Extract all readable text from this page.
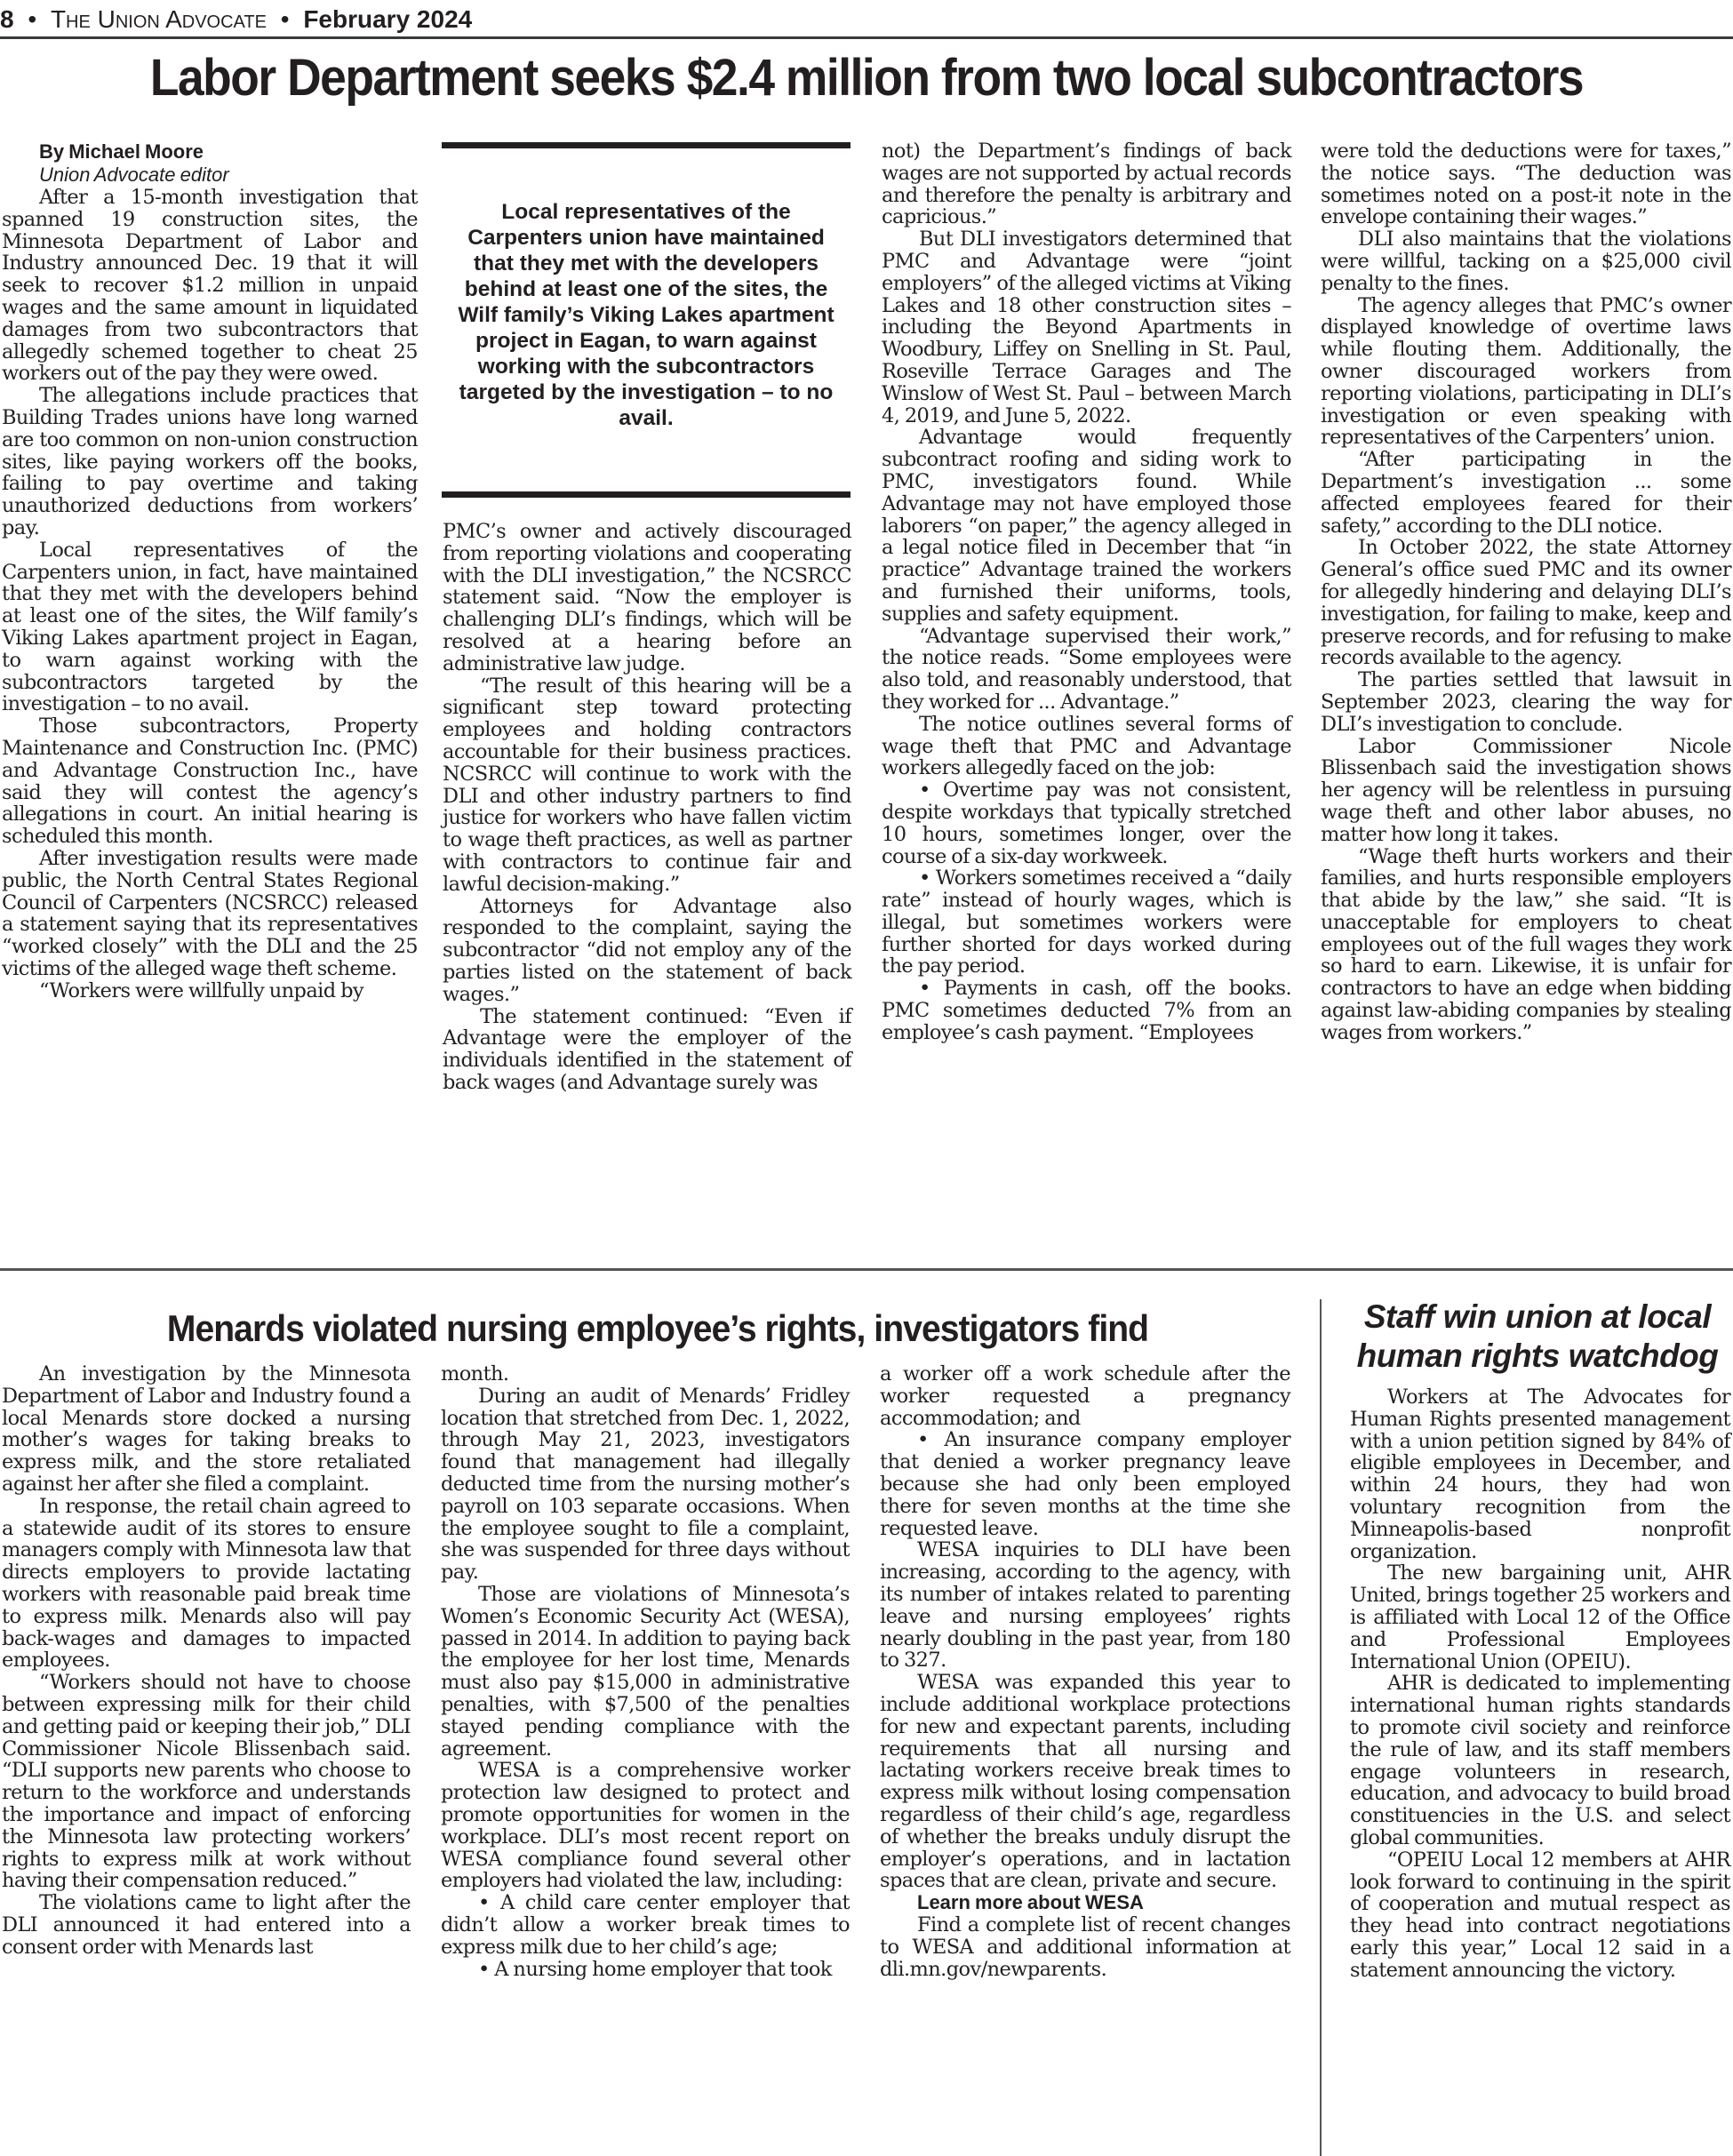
8 • The Union Advocate • February 2024
Labor Department seeks $2.4 million from two local subcontractors

By Michael Moore

Union Advocate editor

After a 15-month investigation that spanned 19 construction sites, the Minnesota Department of Labor and Industry announced Dec. 19 that it will seek to recover $1.2 million in unpaid wages and the same amount in liquidated damages from two subcontractors that allegedly schemed together to cheat 25 workers out of the pay they were owed.

The allegations include practices that Building Trades unions have long warned are too common on non-union construction sites, like paying workers off the books, failing to pay overtime and taking unauthorized deductions from workers’ pay.

Local representatives of the Carpenters union, in fact, have maintained that they met with the developers behind at least one of the sites, the Wilf family’s Viking Lakes apartment project in Eagan, to warn against working with the subcontractors targeted by the investigation – to no avail.

Those subcontractors, Property Maintenance and Construction Inc. (PMC) and Advantage Construction Inc., have said they will contest the agency’s allegations in court. An initial hearing is scheduled this month.

After investigation results were made public, the North Central States Regional Council of Carpenters (NCSRCC) released a statement saying that its representatives “worked closely” with the DLI and the 25 victims of the alleged wage theft scheme.

“Workers were willfully unpaid by

Local representatives of the Carpenters union have maintained that they met with the developers behind at least one of the sites, the Wilf family’s Viking Lakes apartment project in Eagan, to warn against working with the subcontractors targeted by the investigation – to no avail.

PMC’s owner and actively discouraged from reporting violations and cooperating with the DLI investigation,” the NCSRCC statement said. “Now the employer is challenging DLI’s findings, which will be resolved at a hearing before an administrative law judge.

“The result of this hearing will be a significant step toward protecting employees and holding contractors accountable for their business practices. NCSRCC will continue to work with the DLI and other industry partners to find justice for workers who have fallen victim to wage theft practices, as well as partner with contractors to continue fair and lawful decision-making.”

Attorneys for Advantage also responded to the complaint, saying the subcontractor “did not employ any of the parties listed on the statement of back wages.”

The statement continued: “Even if Advantage were the employer of the individuals identified in the statement of back wages (and Advantage surely was

not) the Department’s findings of back wages are not supported by actual records and therefore the penalty is arbitrary and capricious.”

But DLI investigators determined that PMC and Advantage were “joint employers” of the alleged victims at Viking Lakes and 18 other construction sites – including the Beyond Apartments in Woodbury, Liffey on Snelling in St. Paul, Roseville Terrace Garages and The Winslow of West St. Paul – between March 4, 2019, and June 5, 2022.

Advantage would frequently subcontract roofing and siding work to PMC, investigators found. While Advantage may not have employed those laborers “on paper,” the agency alleged in a legal notice filed in December that “in practice” Advantage trained the workers and furnished their uniforms, tools, supplies and safety equipment.

“Advantage supervised their work,” the notice reads. “Some employees were also told, and reasonably understood, that they worked for ... Advantage.”

The notice outlines several forms of wage theft that PMC and Advantage workers allegedly faced on the job:

• Overtime pay was not consistent, despite workdays that typically stretched 10 hours, sometimes longer, over the course of a six-day workweek.

• Workers sometimes received a “daily rate” instead of hourly wages, which is illegal, but sometimes workers were further shorted for days worked during the pay period.

• Payments in cash, off the books. PMC sometimes deducted 7% from an employee’s cash payment. “Employees

were told the deductions were for taxes,” the notice says. “The deduction was sometimes noted on a post-it note in the envelope containing their wages.”

DLI also maintains that the violations were willful, tacking on a $25,000 civil penalty to the fines.

The agency alleges that PMC’s owner displayed knowledge of overtime laws while flouting them. Additionally, the owner discouraged workers from reporting violations, participating in DLI’s investigation or even speaking with representatives of the Carpenters’ union.

“After participating in the Department’s investigation ... some affected employees feared for their safety,” according to the DLI notice.

In October 2022, the state Attorney General’s office sued PMC and its owner for allegedly hindering and delaying DLI’s investigation, for failing to make, keep and preserve records, and for refusing to make records available to the agency.

The parties settled that lawsuit in September 2023, clearing the way for DLI’s investigation to conclude.

Labor Commissioner Nicole Blissenbach said the investigation shows her agency will be relentless in pursuing wage theft and other labor abuses, no matter how long it takes.

“Wage theft hurts workers and their families, and hurts responsible employers that abide by the law,” she said. “It is unacceptable for employers to cheat employees out of the full wages they work so hard to earn. Likewise, it is unfair for contractors to have an edge when bidding against law-abiding companies by stealing wages from workers.”

Menards violated nursing employee’s rights, investigators find

An investigation by the Minnesota Department of Labor and Industry found a local Menards store docked a nursing mother’s wages for taking breaks to express milk, and the store retaliated against her after she filed a complaint.

In response, the retail chain agreed to a statewide audit of its stores to ensure managers comply with Minnesota law that directs employers to provide lactating workers with reasonable paid break time to express milk. Menards also will pay back-wages and damages to impacted employees.

“Workers should not have to choose between expressing milk for their child and getting paid or keeping their job,” DLI Commissioner Nicole Blissenbach said. “DLI supports new parents who choose to return to the workforce and understands the importance and impact of enforcing the Minnesota law protecting workers’ rights to express milk at work without having their compensation reduced.”

The violations came to light after the DLI announced it had entered into a consent order with Menards last

month.

During an audit of Menards’ Fridley location that stretched from Dec. 1, 2022, through May 21, 2023, investigators found that management had illegally deducted time from the nursing mother’s payroll on 103 separate occasions. When the employee sought to file a complaint, she was suspended for three days without pay.

Those are violations of Minnesota’s Women’s Economic Security Act (WESA), passed in 2014. In addition to paying back the employee for her lost time, Menards must also pay $15,000 in administrative penalties, with $7,500 of the penalties stayed pending compliance with the agreement.

WESA is a comprehensive worker protection law designed to protect and promote opportunities for women in the workplace. DLI’s most recent report on WESA compliance found several other employers had violated the law, including:

• A child care center employer that didn’t allow a worker break times to express milk due to her child’s age;

• A nursing home employer that took

a worker off a work schedule after the worker requested a pregnancy accommodation; and

• An insurance company employer that denied a worker pregnancy leave because she had only been employed there for seven months at the time she requested leave.

WESA inquiries to DLI have been increasing, according to the agency, with its number of intakes related to parenting leave and nursing employees’ rights nearly doubling in the past year, from 180 to 327.

WESA was expanded this year to include additional workplace protections for new and expectant parents, including requirements that all nursing and lactating workers receive break times to express milk without losing compensation regardless of their child’s age, regardless of whether the breaks unduly disrupt the employer’s operations, and in lactation spaces that are clean, private and secure.

Learn more about WESA

Find a complete list of recent changes to WESA and additional information at dli.mn.gov/newparents.

Staff win union at local human rights watchdog

Workers at The Advocates for Human Rights presented management with a union petition signed by 84% of eligible employees in December, and within 24 hours, they had won voluntary recognition from the Minneapolis-based nonprofit organization.

The new bargaining unit, AHR United, brings together 25 workers and is affiliated with Local 12 of the Office and Professional Employees International Union (OPEIU).

AHR is dedicated to implementing international human rights standards to promote civil society and reinforce the rule of law, and its staff members engage volunteers in research, education, and advocacy to build broad constituencies in the U.S. and select global communities.

“OPEIU Local 12 members at AHR look forward to continuing in the spirit of cooperation and mutual respect as they head into contract negotiations early this year,” Local 12 said in a statement announcing the victory.
